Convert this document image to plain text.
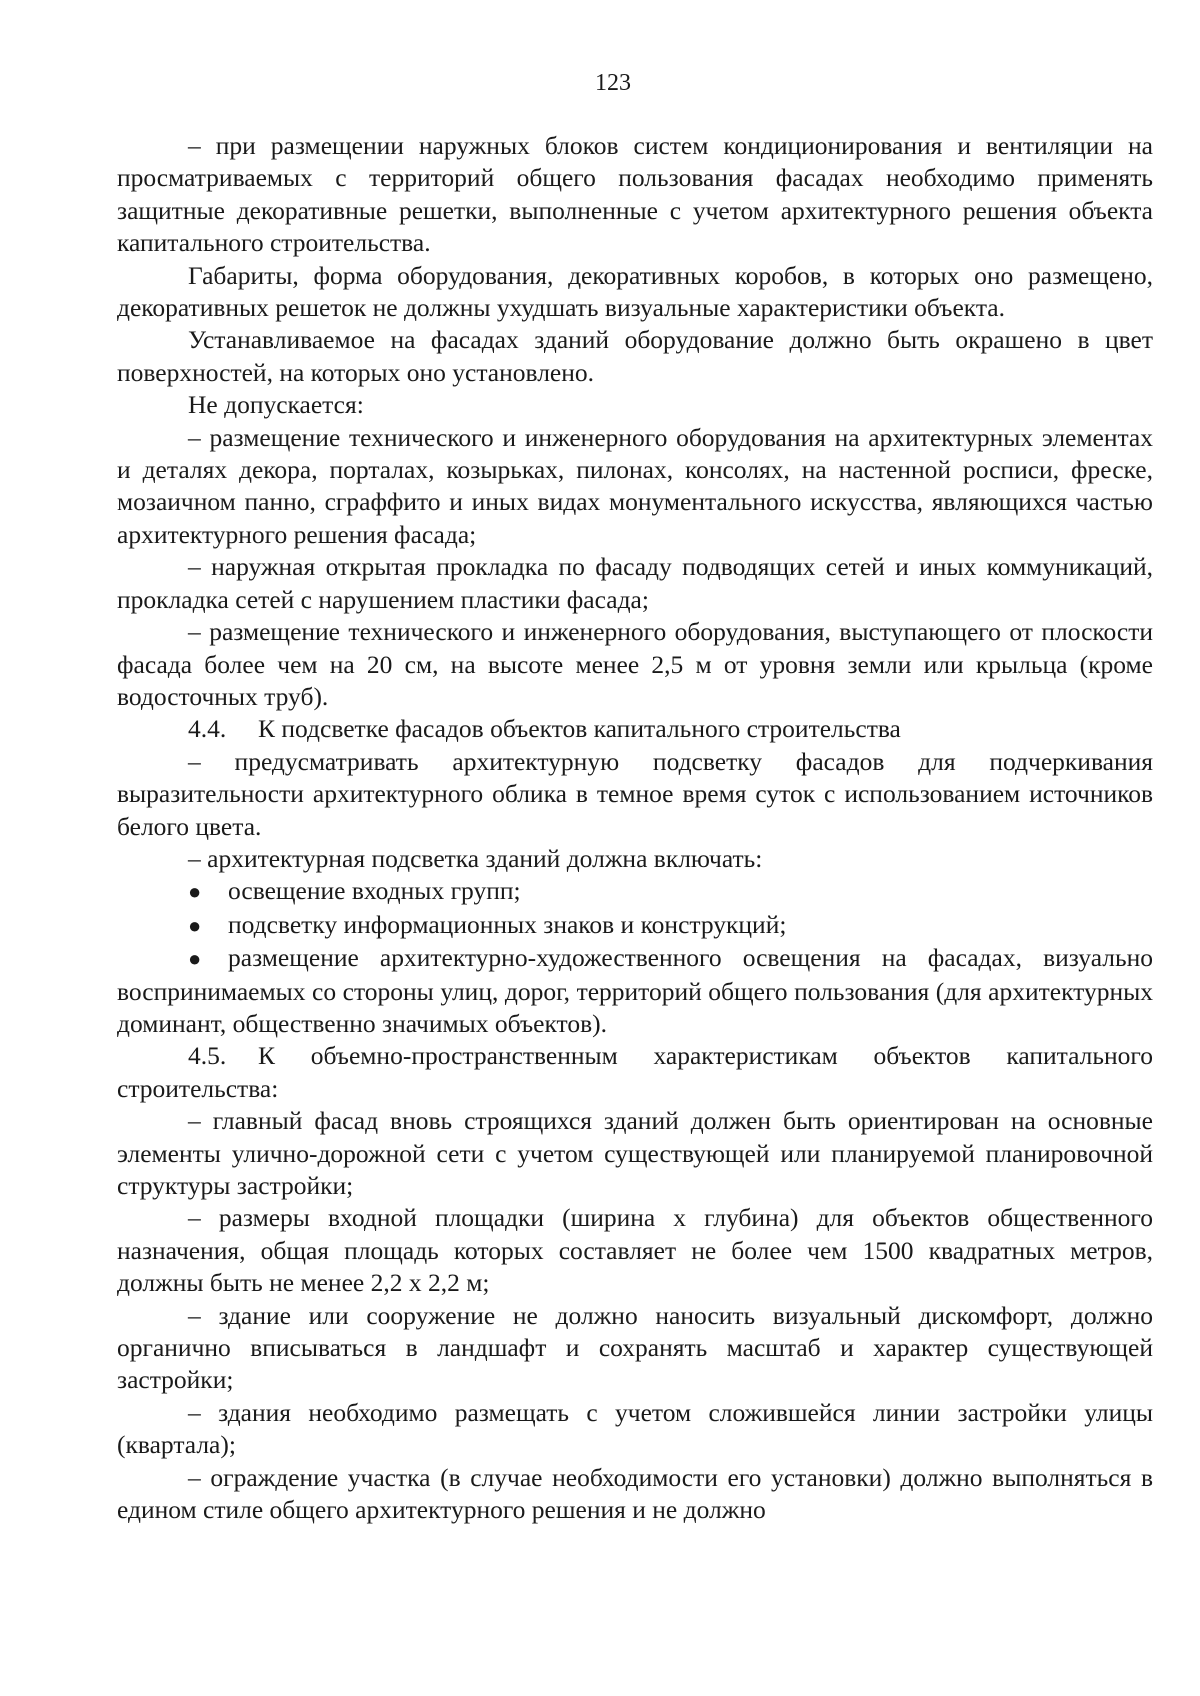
123

– при размещении наружных блоков систем кондиционирования и вентиляции на просматриваемых с территорий общего пользования фасадах необходимо применять защитные декоративные решетки, выполненные с учетом архитектурного решения объекта капитального строительства.

Габариты, форма оборудования, декоративных коробов, в которых оно размещено, декоративных решеток не должны ухудшать визуальные характеристики объекта.

Устанавливаемое на фасадах зданий оборудование должно быть окрашено в цвет поверхностей, на которых оно установлено.

Не допускается:

– размещение технического и инженерного оборудования на архитектурных элементах и деталях декора, порталах, козырьках, пилонах, консолях, на настенной росписи, фреске, мозаичном панно, сграффито и иных видах монументального искусства, являющихся частью архитектурного решения фасада;

– наружная открытая прокладка по фасаду подводящих сетей и иных коммуникаций, прокладка сетей с нарушением пластики фасада;

– размещение технического и инженерного оборудования, выступающего от плоскости фасада более чем на 20 см, на высоте менее 2,5 м от уровня земли или крыльца (кроме водосточных труб).

4.4. К подсветке фасадов объектов капитального строительства

– предусматривать архитектурную подсветку фасадов для подчеркивания выразительности архитектурного облика в темное время суток с использованием источников белого цвета.

– архитектурная подсветка зданий должна включать:

●	освещение входных групп;
●	подсветку информационных знаков и конструкций;

● размещение архитектурно-художественного освещения на фасадах, визуально воспринимаемых со стороны улиц, дорог, территорий общего пользования (для архитектурных доминант, общественно значимых объектов).

4.5. К объемно-пространственным характеристикам объектов капитального строительства:

– главный фасад вновь строящихся зданий должен быть ориентирован на основные элементы улично-дорожной сети с учетом существующей или планируемой планировочной структуры застройки;

– размеры входной площадки (ширина х глубина) для объектов общественного назначения, общая площадь которых составляет не более чем 1500 квадратных метров, должны быть не менее 2,2 х 2,2 м;

– здание или сооружение не должно наносить визуальный дискомфорт, должно органично вписываться в ландшафт и сохранять масштаб и характер существующей застройки;

– здания необходимо размещать с учетом сложившейся линии застройки улицы (квартала);

– ограждение участка (в случае необходимости его установки) должно выполняться в едином стиле общего архитектурного решения и не должно
